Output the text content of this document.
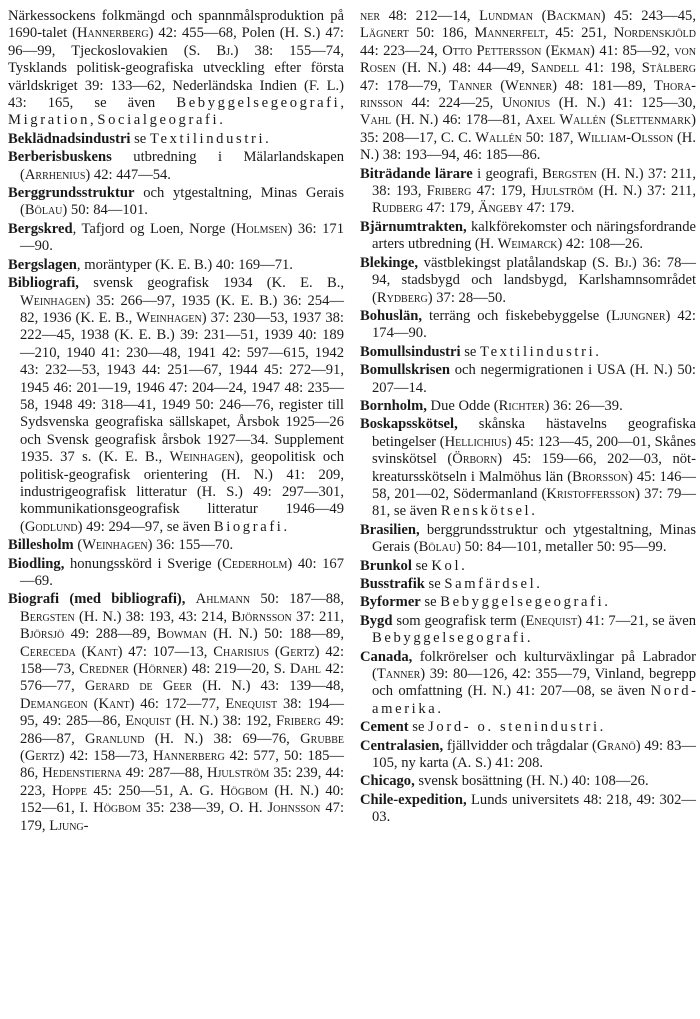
Närkessockens folkmängd och spannmålsproduktion på 1690-talet (Hannerberg) 42: 455—68, Polen (H. S.) 47: 96—99, Tjeckoslovakien (S. Bj.) 38: 155—74, Tysklands politisk-geografiska utveckling efter första världskriget 39: 133—62, Nederländska Indien (F. L.) 43: 165, se även Bebyggelsegeografi, Migration, Socialgeografi.

Beklädnadsindustri se Textilindustri.

Berberisbuskens utbredning i Mälarlandskapen (Arrhenius) 42: 447—54.

Berggrundsstruktur och ytgestaltning, Minas Gerais (Bölau) 50: 84—101.

Bergskred, Tafjord og Loen, Norge (Holmsen) 36: 171—90.

Bergslagen, moräntyper (K. E. B.) 40: 169—71.

Bibliografi, svensk geografisk 1934 (K. E. B., Weinhagen) 35: 266—97, 1935 (K. E. B.) 36: 254—82, 1936 (K. E. B., Weinhagen) 37: 230—53, 1937 38: 222—45, 1938 (K. E. B.) 39: 231—51, 1939 40: 189—210, 1940 41: 230—48, 1941 42: 597—615, 1942 43: 232—53, 1943 44: 251—67, 1944 45: 272—91, 1945 46: 201—19, 1946 47: 204—24, 1947 48: 235—58, 1948 49: 318—41, 1949 50: 246—76, register till Sydsvenska geografiska sällskapet, Årsbok 1925—26 och Svensk geografisk årsbok 1927—34. Supplement 1935. 37 s. (K. E. B., Weinhagen), geopolitisk och politisk-geografisk orientering (H. N.) 41: 209, industrigeografisk litteratur (H. S.) 49: 297—301, kommunikationsgeografisk litteratur 1946—49 (Godlund) 49: 294—97, se även Biografi.

Billesholm (Weinhagen) 36: 155—70.

Biodling, honungsskörd i Sverige (Cederholm) 40: 167—69.

Biografi (med bibliografi), Ahlmann 50: 187—88, Bergsten (H. N.) 38: 193, 43: 214, Björnsson 37: 211, Björsjö 49: 288—89, Bowman (H. N.) 50: 188—89, Cereceda (Kant) 47: 107—13, Charisius (Gertz) 42: 158—73, Credner (Hörner) 48: 219—20, S. Dahl 42: 576—77, Gerard de Geer (H. N.) 43: 139—48, Demangeon (Kant) 46: 172—77, Enequist 38: 194—95, 49: 285—86, Enquist (H. N.) 38: 192, Friberg 49: 286—87, Granlund (H. N.) 38: 69—76, Grubbe (Gertz) 42: 158—73, Hannerberg 42: 577, 50: 185—86, Hedenstierna 49: 287—88, Hjulström 35: 239, 44: 223, Hoppe 45: 250—51, A. G. Högbom (H. N.) 40: 152—61, I. Högbom 35: 238—39, O. H. Johnsson 47: 179, Ljung-

ner 48: 212—14, Lundman (Backman) 45: 243—45, Lägnert 50: 186, Mannerfelt, 45: 251, Nordenskjöld 44: 223—24, Otto Pettersson (Ekman) 41: 85—92, von Rosen (H. N.) 48: 44—49, Sandell 41: 198, Stålberg 47: 178—79, Tanner (Wenner) 48: 181—89, Thorarinsson 44: 224—25, Unonius (H. N.) 41: 125—30, Vahl (H. N.) 46: 178—81, Axel Wallén (Slettenmark) 35: 208—17, C. C. Wallén 50: 187, William-Olsson (H. N.) 38: 193—94, 46: 185—86.

Biträdande lärare i geografi, Bergsten (H. N.) 37: 211, 38: 193, Friberg 47: 179, Hjulström (H. N.) 37: 211, Rudberg 47: 179, Ängeby 47: 179.

Bjärnumtrakten, kalkförekomster och näringsfordrande arters utbredning (H. Weimarck) 42: 108—26.

Blekinge, västblekingst platålandskap (S. Bj.) 36: 78—94, stadsbygd och landsbygd, Karlshamnsområdet (Rydberg) 37: 28—50.

Bohuslän, terräng och fiskebebyggelse (Ljungner) 42: 174—90.

Bomullsindustri se Textilindustri.

Bomullskrisen och negermigrationen i USA (H. N.) 50: 207—14.

Bornholm, Due Odde (Richter) 36: 26—39.

Boskapsskötsel, skånska hästavelns geografiska betingelser (Hellichius) 45: 123—45, 200—01, Skånes svinskötsel (Örborn) 45: 159—66, 202—03, nötkreatursskötseln i Malmöhus län (Brorsson) 45: 146—58, 201—02, Södermanland (Kristoffersson) 37: 79—81, se även Renskötsel.

Brasilien, berggrundsstruktur och ytgestaltning, Minas Gerais (Bölau) 50: 84—101, metaller 50: 95—99.

Brunkol se Kol.

Busstrafik se Samfärdsel.

Byformer se Bebyggelsegeografi.

Bygd som geografisk term (Enequist) 41: 7—21, se även Bebyggelsegografi.

Canada, folkrörelser och kulturväxlingar på Labrador (Tanner) 39: 80—126, 42: 355—79, Vinland, begrepp och omfattning (H. N.) 41: 207—08, se även Nordamerika.

Cement se Jord- o. stenindustri.

Centralasien, fjällvidder och trågdalar (Granö) 49: 83—105, ny karta (A. S.) 41: 208.

Chicago, svensk bosättning (H. N.) 40: 108—26.

Chile-expedition, Lunds universitets 48: 218, 49: 302—03.
